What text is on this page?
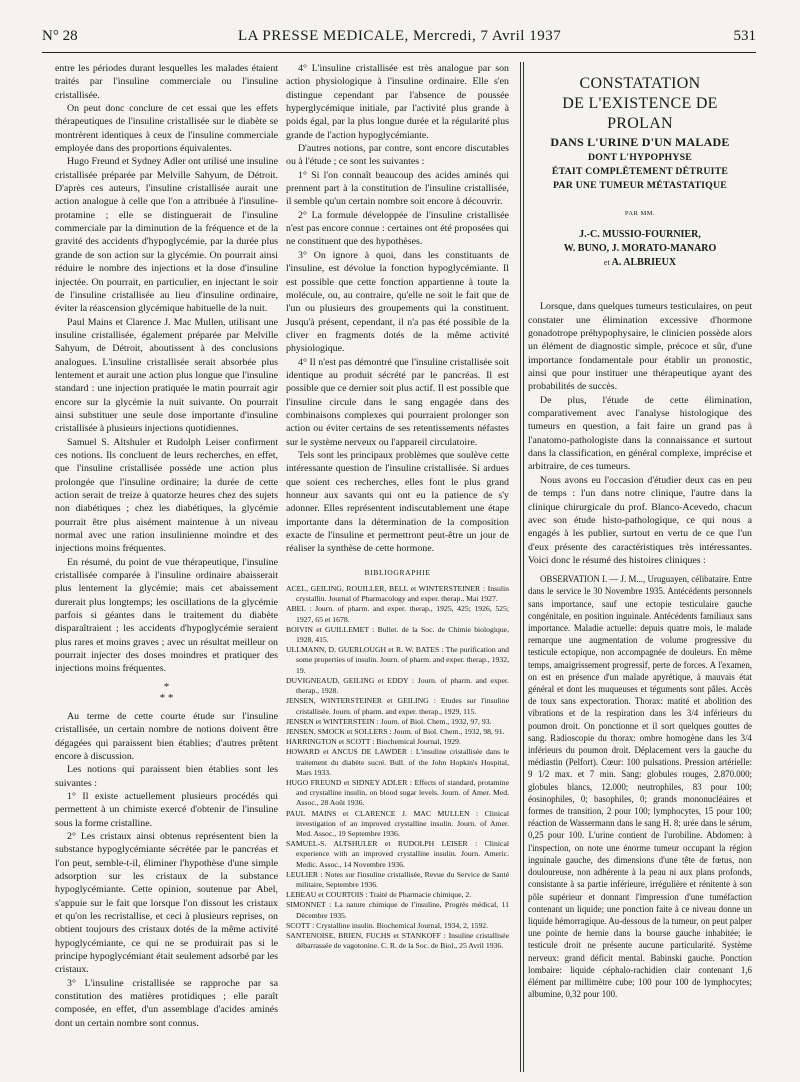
N° 28	LA PRESSE MEDICALE, Mercredi, 7 Avril 1937	531

entre les périodes durant lesquelles les malades étaient traités par l'insuline commerciale ou l'insuline cristallisée.

On peut donc conclure de cet essai que les effets thérapeutiques de l'insuline cristallisée sur le diabète se montrèrent identiques à ceux de l'insuline commerciale employée dans des proportions équivalentes.

Hugo Freund et Sydney Adler ont utilisé une insuline cristallisée préparée par Melville Sahyum, de Détroit. D'après ces auteurs, l'insuline cristallisée aurait une action analogue à celle que l'on a attribuée à l'insuline-protamine ; elle se distinguerait de l'insuline commerciale par la diminution de la fréquence et de la gravité des accidents d'hypoglycémie, par la durée plus grande de son action sur la glycémie. On pourrait ainsi réduire le nombre des injections et la dose d'insuline injectée. On pourrait, en particulier, en injectant le soir de l'insuline cristallisée au lieu d'insuline ordinaire, éviter la réascension glycémique habituelle de la nuit.

Paul Mains et Clarence J. Mac Mullen, utilisant une insuline cristallisée, également préparée par Melville Sahyum, de Détroit, aboutissent à des conclusions analogues. L'insuline cristallisée serait absorbée plus lentement et aurait une action plus longue que l'insuline standard : une injection pratiquée le matin pourrait agir encore sur la glycémie la nuit suivante. On pourrait ainsi substituer une seule dose importante d'insuline cristallisée à plusieurs injections quotidiennes.

Samuel S. Altshuler et Rudolph Leiser confirment ces notions. Ils concluent de leurs recherches, en effet, que l'insuline cristallisée possède une action plus prolongée que l'insuline ordinaire; la durée de cette action serait de treize à quatorze heures chez des sujets non diabétiques ; chez les diabétiques, la glycémie pourrait être plus aisément maintenue à un niveau normal avec une ration insulinienne moindre et des injections moins fréquentes.

En résumé, du point de vue thérapeutique, l'insuline cristallisée comparée à l'insuline ordinaire abaisserait plus lentement la glycémie; mais cet abaissement durerait plus longtemps; les oscillations de la glycémie parfois si géantes dans le traitement du diabète disparaîtraient ; les accidents d'hypoglycémie seraient plus rares et moins graves ; avec un résultat meilleur on pourrait injecter des doses moindres et pratiquer des injections moins fréquentes.

*
* *

Au terme de cette courte étude sur l'insuline cristallisée, un certain nombre de notions doivent être dégagées qui paraissent bien établies; d'autres prêtent encore à discussion.

Les notions qui paraissent bien établies sont les suivantes :

1° Il existe actuellement plusieurs procédés qui permettent à un chimiste exercé d'obtenir de l'insuline sous la forme cristalline.

2° Les cristaux ainsi obtenus représentent bien la substance hypoglycémiante sécrétée par le pancréas et l'on peut, semble-t-il, éliminer l'hypothèse d'une simple adsorption sur les cristaux de la substance hypoglycémiante. Cette opinion, soutenue par Abel, s'appuie sur le fait que lorsque l'on dissout les cristaux et qu'on les recristallise, et ceci à plusieurs reprises, on obtient toujours des cristaux dotés de la même activité hypoglycémiante, ce qui ne se produirait pas si le principe hypoglycémiant était seulement adsorbé par les cristaux.

3° L'insuline cristallisée se rapproche par sa constitution des matières protidiques ; elle paraît composée, en effet, d'un assemblage d'acides aminés dont un certain nombre sont connus.

4° L'insuline cristallisée est très analogue par son action physiologique à l'insuline ordinaire. Elle s'en distingue cependant par l'absence de poussée hyperglycémique initiale, par l'activité plus grande à poids égal, par la plus longue durée et la régularité plus grande de l'action hypoglycémiante.

D'autres notions, par contre, sont encore discutables ou à l'étude ; ce sont les suivantes :

1° Si l'on connaît beaucoup des acides aminés qui prennent part à la constitution de l'insuline cristallisée, il semble qu'un certain nombre soit encore à découvrir.

2° La formule développée de l'insuline cristallisée n'est pas encore connue : certaines ont été proposées qui ne constituent que des hypothèses.

3° On ignore à quoi, dans les constituants de l'insuline, est dévolue la fonction hypoglycémiante. Il est possible que cette fonction appartienne à toute la molécule, ou, au contraire, qu'elle ne soit le fait que de l'un ou plusieurs des groupements qui la constituent. Jusqu'à présent, cependant, il n'a pas été possible de la cliver en fragments dotés de la même activité physiologique.

4° Il n'est pas démontré que l'insuline cristallisée soit identique au produit sécrété par le pancréas. Il est possible que ce dernier soit plus actif. Il est possible que l'insuline circule dans le sang engagée dans des combinaisons complexes qui pourraient prolonger son action ou éviter certains de ses retentissements néfastes sur le système nerveux ou l'appareil circulatoire.

Tels sont les principaux problèmes que soulève cette intéressante question de l'insuline cristallisée. Si ardues que soient ces recherches, elles font le plus grand honneur aux savants qui ont eu la patience de s'y adonner. Elles représentent indiscutablement une étape importante dans la détermination de la composition exacte de l'insuline et permettront peut-être un jour de réaliser la synthèse de cette hormone.

BIBLIOGRAPHIE

ACEL, GEILING, ROUILLER, BELL et WINTERSTEINER : Insulin crystallin. Journal of Pharmacology and exper. therap., Mai 1927.

ABEL : Journ. of pharm. and exper. therap., 1925, 425; 1926, 525; 1927, 65 et 1678.

BOIVIN et GUILLEMET : Bullet. de la Soc. de Chimie biologique, 1928, 415.

ULLMANN, D. GUERLOUGH et R. W. BATES : The purification and some properties of insulin. Journ. of pharm. and exper. therap., 1932, 19.

DUVIGNEAUD, GEILING et EDDY : Journ. of pharm. and exper. therap., 1928.

JENSEN, WINTERSTEINER et GEILING : Etudes sur l'insuline cristallisée. Journ. of pharm. and exper. therap., 1929, 115.

JENSEN et WINTERSTEIN : Journ. of Biol. Chem., 1932, 97, 93.

JENSEN, SMOCK et SOLLERS : Journ. of Biol. Chem., 1932, 98, 91.

HARRINGTON et SCOTT : Biochemical Journal, 1929.

HOWARD et ANCUS DE LAWDER : L'insuline cristallisée dans le traitement du diabète sucré. Bull. of the John Hopkin's Hospital, Mars 1933.

HUGO FREUND et SIDNEY ADLER : Effects of standard, protamine and crystalline insulin, on blood sugar levels. Journ. of Amer. Med. Assoc., 28 Août 1936.

PAUL MAINS et CLARENCE J. MAC MULLEN : Clinical investigation of an improved crystalline insulin. Journ. of Amer. Med. Assoc., 19 Septembre 1936.

SAMUEL-S. ALTSHULER et RUDOLPH LEISER : Clinical experience with an improved crystalline insulin. Journ. Americ. Medic. Assoc., 14 Novembre 1936.

LEULIER : Notes sur l'insuline cristallisée, Revue du Service de Santé militaire, Septembre 1936.

LEBEAU et COURTOIS : Traité de Pharmacie chimique, 2.

SIMONNET : La nature chimique de l'insuline, Progrès médical, 11 Décembre 1935.

SCOTT : Crystalline insulin. Biochemical Journal, 1934, 2, 1592.

SANTENOISE, BRIEN, FUCHS et STANKOFF : Insuline cristallisée débarrassée de vagotonine. C. R. de la Soc. de Biol., 25 Avril 1936.

CONSTATATION
DE L'EXISTENCE DE PROLAN
DANS L'URINE D'UN MALADE
DONT L'HYPOPHYSE
ÉTAIT COMPLÈTEMENT DÉTRUITE
PAR UNE TUMEUR MÉTASTATIQUE
PAR MM.
J.-C. MUSSIO-FOURNIER,
W. BUNO, J. MORATO-MANARO
et A. ALBRIEUX

Lorsque, dans quelques tumeurs testiculaires, on peut constater une élimination excessive d'hormone gonadotrope préhypophysaire, le clinicien possède alors un élément de diagnostic simple, précoce et sûr, d'une importance fondamentale pour établir un pronostic, ainsi que pour instituer une thérapeutique ayant des probabilités de succès.

De plus, l'étude de cette élimination, comparativement avec l'analyse histologique des tumeurs en question, a fait faire un grand pas à l'anatomo-pathologiste dans la connaissance et surtout dans la classification, en général complexe, imprécise et arbitraire, de ces tumeurs.

Nous avons eu l'occasion d'étudier deux cas en peu de temps : l'un dans notre clinique, l'autre dans la clinique chirurgicale du prof. Blanco-Acevedo, chacun avec son étude histo-pathologique, ce qui nous a engagés à les publier, surtout en vertu de ce que l'un d'eux présente des caractéristiques très intéressantes. Voici donc le résumé des histoires cliniques :

OBSERVATION I. — J. M..., Uruguayen, célibataire. Entre dans le service le 30 Novembre 1935. Antécédents personnels sans importance, sauf une ectopie testiculaire gauche congénitale, en position inguinale. Antécédents familiaux sans importance. Maladie actuelle: depuis quatre mois, le malade remarque une augmentation de volume progressive du testicule ectopique, non accompagnée de douleurs. En même temps, amaigrissement progressif, perte de forces. A l'examen, on est en présence d'un malade apyrétique, à mauvais état général et dont les muqueuses et téguments sont pâles. Accès de toux sans expectoration. Thorax: matité et abolition des vibrations et de la respiration dans les 3/4 inférieurs du poumon droit. On ponctionne et il sort quelques gouttes de sang. Radioscopie du thorax: ombre homogène dans les 3/4 inférieurs du poumon droit. Déplacement vers la gauche du médiastin (Pelfort). Cœur: 100 pulsations. Pression artérielle: 9 1/2 max. et 7 min. Sang: globules rouges, 2.870.000; globules blancs, 12.000; neutrophiles, 83 pour 100; éosinophiles, 0; basophiles, 0; grands mononucléaires et formes de transition, 2 pour 100; lymphocytes, 15 pour 100; réaction de Wassermann dans le sang H. 8; urée dans le sérum, 0,25 pour 100. L'urine contient de l'urobiline. Abdomen: à l'inspection, on note une énorme tumeur occupant la région inguinale gauche, des dimensions d'une tête de fœtus, non douloureuse, non adhérente à la peau ni aux plans profonds, consistante à sa partie inférieure, irrégulière et rénitente à son pôle supérieur et donnant l'impression d'une tuméfaction contenant un liquide; une ponction faite à ce niveau donne un liquide hémorragique. Au-dessous de la tumeur, on peut palper une pointe de hernie dans la bourse gauche inhabitée; le testicule droit ne présente aucune particularité. Système nerveux: grand déficit mental. Babinski gauche. Ponction lombaire: liquide céphalo-rachidien clair contenant 1,6 élément par millimètre cube; 100 pour 100 de lymphocytes; albumine, 0,32 pour 100.
